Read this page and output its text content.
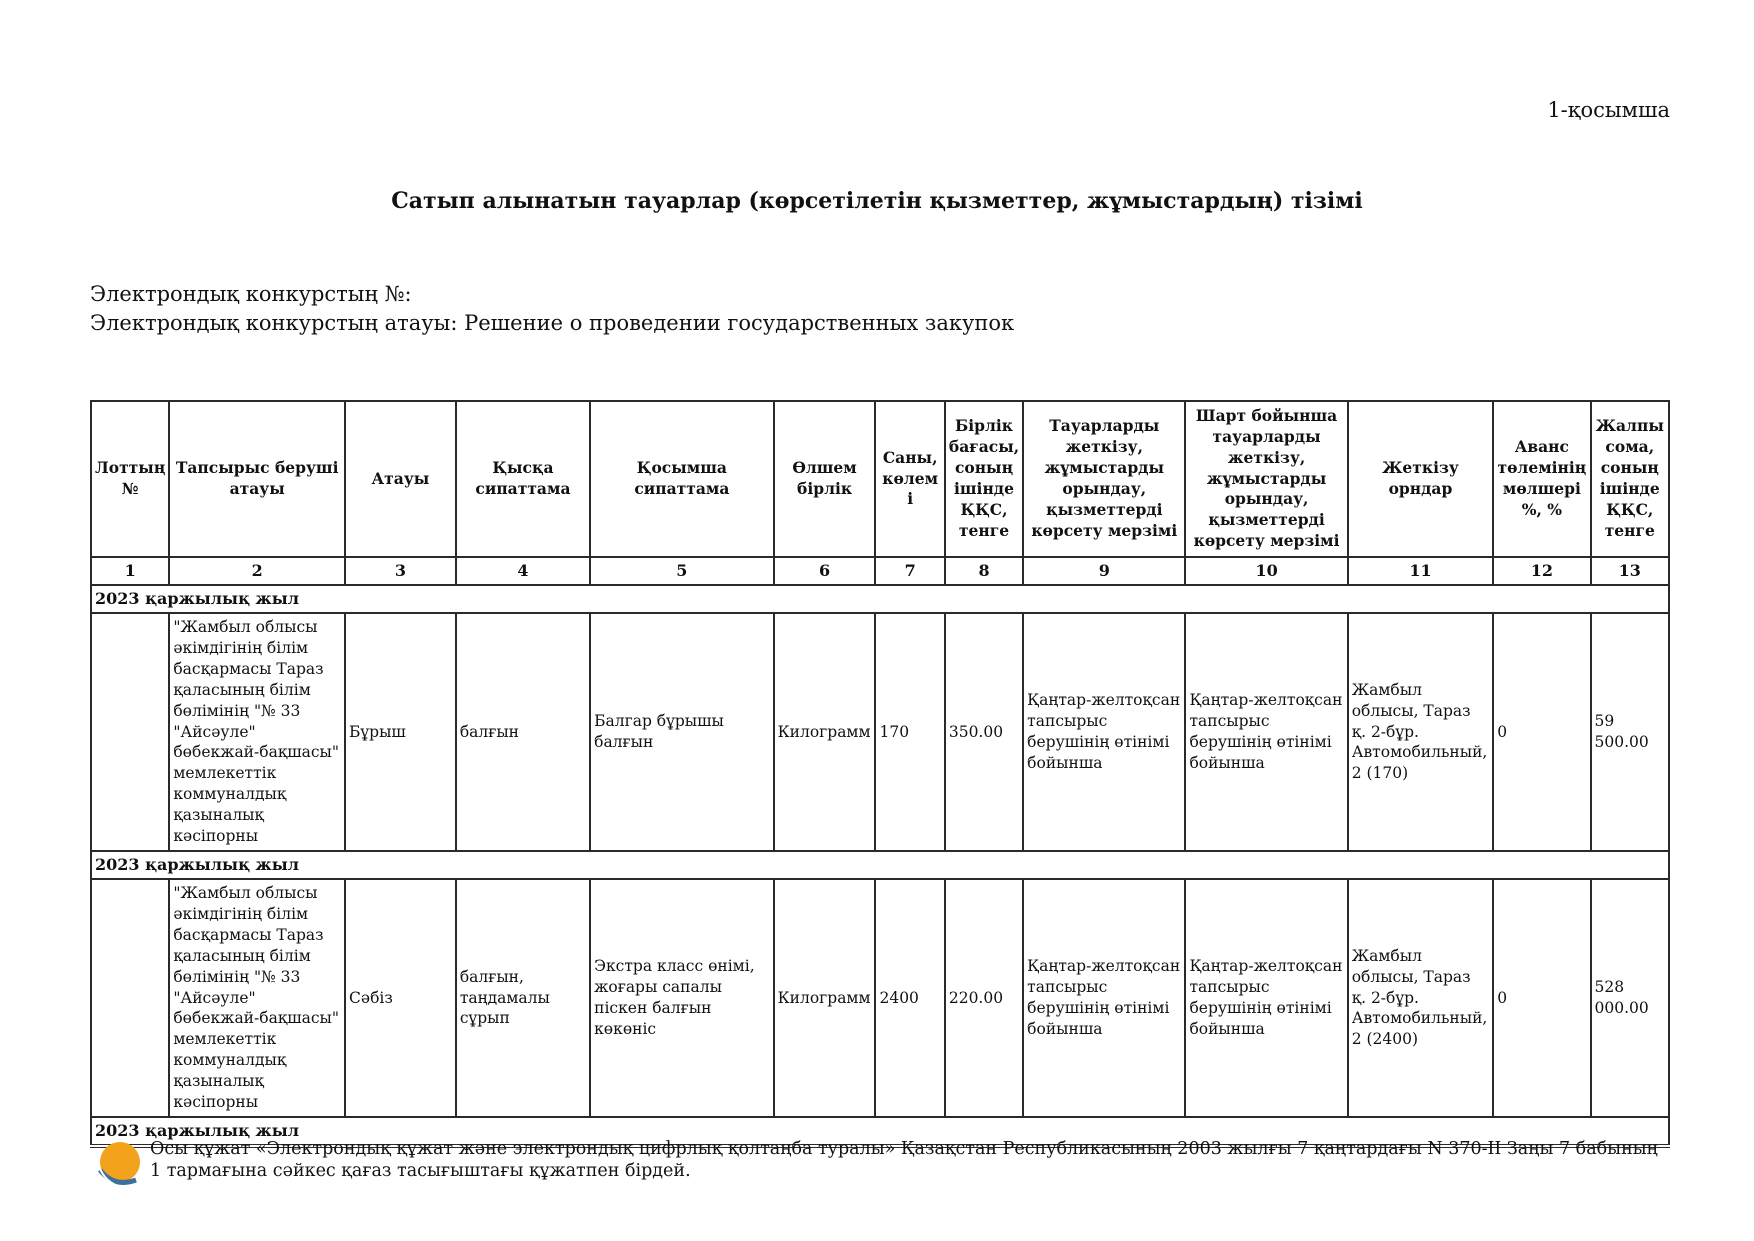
1-қосымша
Сатып алынатын тауарлар (көрсетілетін қызметтер, жұмыстардың) тізімі
Электрондық конкурстың №:
Электрондық конкурстың атауы: Решение о проведении государственных закупок
Лоттың №	Тапсырыс беруші атауы	Атауы	Қысқа сипаттама	Қосымша сипаттама	Өлшем бірлік	Саны, көлемі	Бірлік бағасы, соның ішінде ҚҚС, тенге	Тауарларды жеткізу, жұмыстарды орындау, қызметтерді көрсету мерзімі	Шарт бойынша тауарларды жеткізу, жұмыстарды орындау, қызметтерді көрсету мерзімі	Жеткізу орндар	Аванс төлемінің мөлшері %, %	Жалпы сома, соның ішінде ҚҚС, тенге
1	2	3	4	5	6	7	8	9	10	11	12	13
2023 қаржылық жыл												
	"Жамбыл облысы әкімдігінің білім басқармасы Тараз қаласының білім бөлімінің "№ 33 "Айсәуле" бөбекжай-бақшасы" мемлекеттік коммуналдық қазыналық кәсіпорны	Бұрыш	балғын	Балгар бұрышы балғын	Килограмм	170	350.00	Қаңтар-желтоқсан тапсырыс берушінің өтінімі бойынша	Қаңтар-желтоқсан тапсырыс берушінің өтінімі бойынша	Жамбыл облысы, Тараз қ. 2-бұр. Автомобильный, 2 (170)	0	59 500.00
2023 қаржылық жыл												
	"Жамбыл облысы әкімдігінің білім басқармасы Тараз қаласының білім бөлімінің "№ 33 "Айсәуле" бөбекжай-бақшасы" мемлекеттік коммуналдық қазыналық кәсіпорны	Сәбіз	балғын, таңдамалы сұрып	Экстра класс өнімі, жоғары сапалы піскен балғын көкөніс	Килограмм	2400	220.00	Қаңтар-желтоқсан тапсырыс берушінің өтінімі бойынша	Қаңтар-желтоқсан тапсырыс берушінің өтінімі бойынша	Жамбыл облысы, Тараз қ. 2-бұр. Автомобильный, 2 (2400)	0	528 000.00
2023 қаржылық жыл												
Осы құжат «Электрондық құжат және электрондық цифрлық қолтаңба туралы» Қазақстан Республикасының 2003 жылғы 7 қаңтардағы N 370-II Заңы 7 бабының 1 тармағына сәйкес қағаз тасығыштағы құжатпен бірдей.
